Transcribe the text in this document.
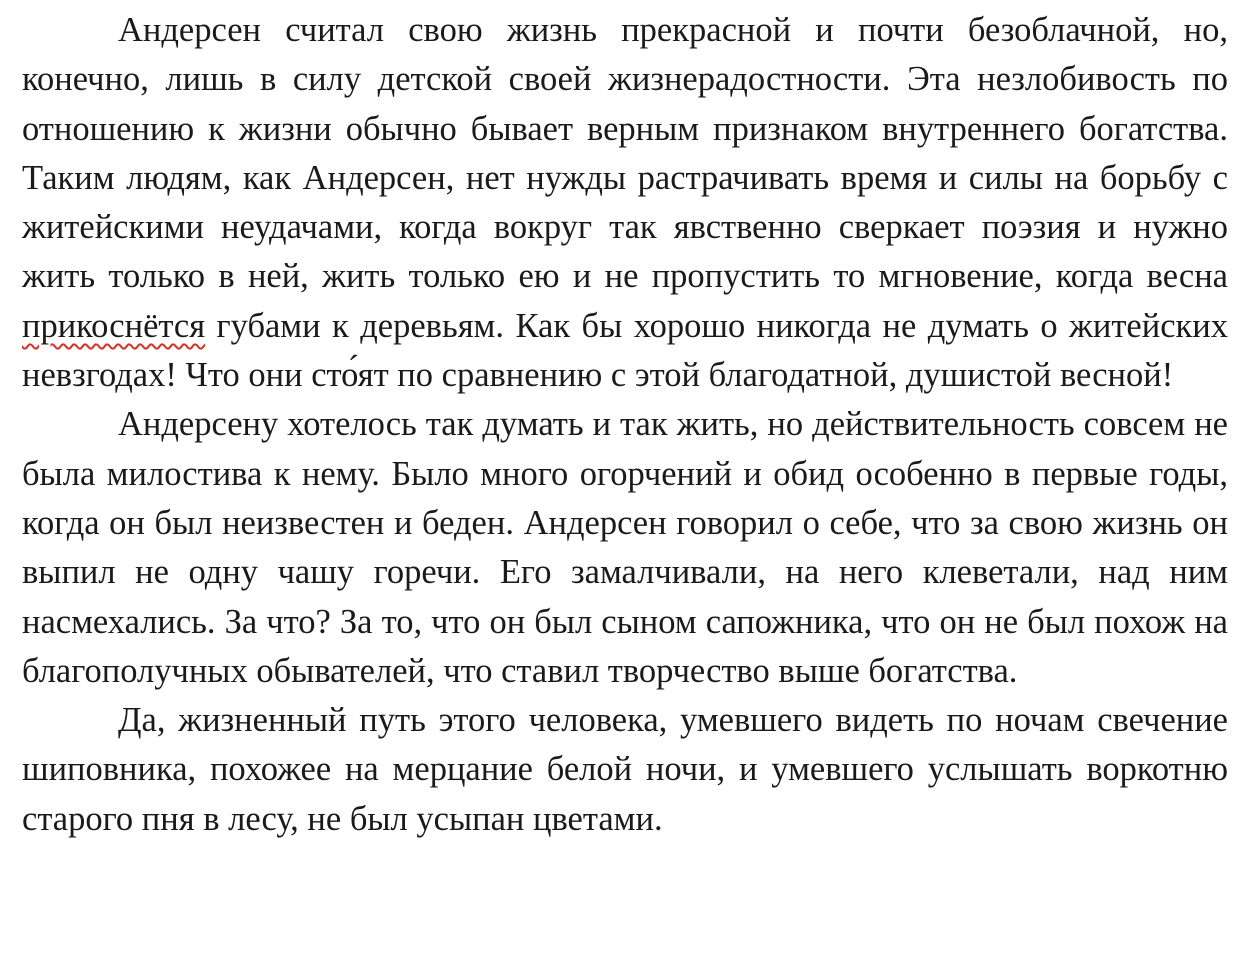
Андерсен считал свою жизнь прекрасной и почти безоблачной, но, конечно, лишь в силу детской своей жизнерадостности. Эта незлобивость по отношению к жизни обычно бывает верным признаком внутреннего богатства. Таким людям, как Андерсен, нет нужды растрачивать время и силы на борьбу с житейскими неудачами, когда вокруг так явственно сверкает поэзия и нужно жить только в ней, жить только ею и не пропустить то мгновение, когда весна прикоснётся губами к деревьям. Как бы хорошо никогда не думать о житейских невзгодах! Что они сто́ят по сравнению с этой благодатной, душистой весной!

Андерсену хотелось так думать и так жить, но действительность совсем не была милостива к нему. Было много огорчений и обид особенно в первые годы, когда он был неизвестен и беден. Андерсен говорил о себе, что за свою жизнь он выпил не одну чашу горечи. Его замалчивали, на него клеветали, над ним насмехались. За что? За то, что он был сыном сапожника, что он не был похож на благополучных обывателей, что ставил творчество выше богатства.

Да, жизненный путь этого человека, умевшего видеть по ночам свечение шиповника, похожее на мерцание белой ночи, и умевшего услышать воркотню старого пня в лесу, не был усыпан цветами.
